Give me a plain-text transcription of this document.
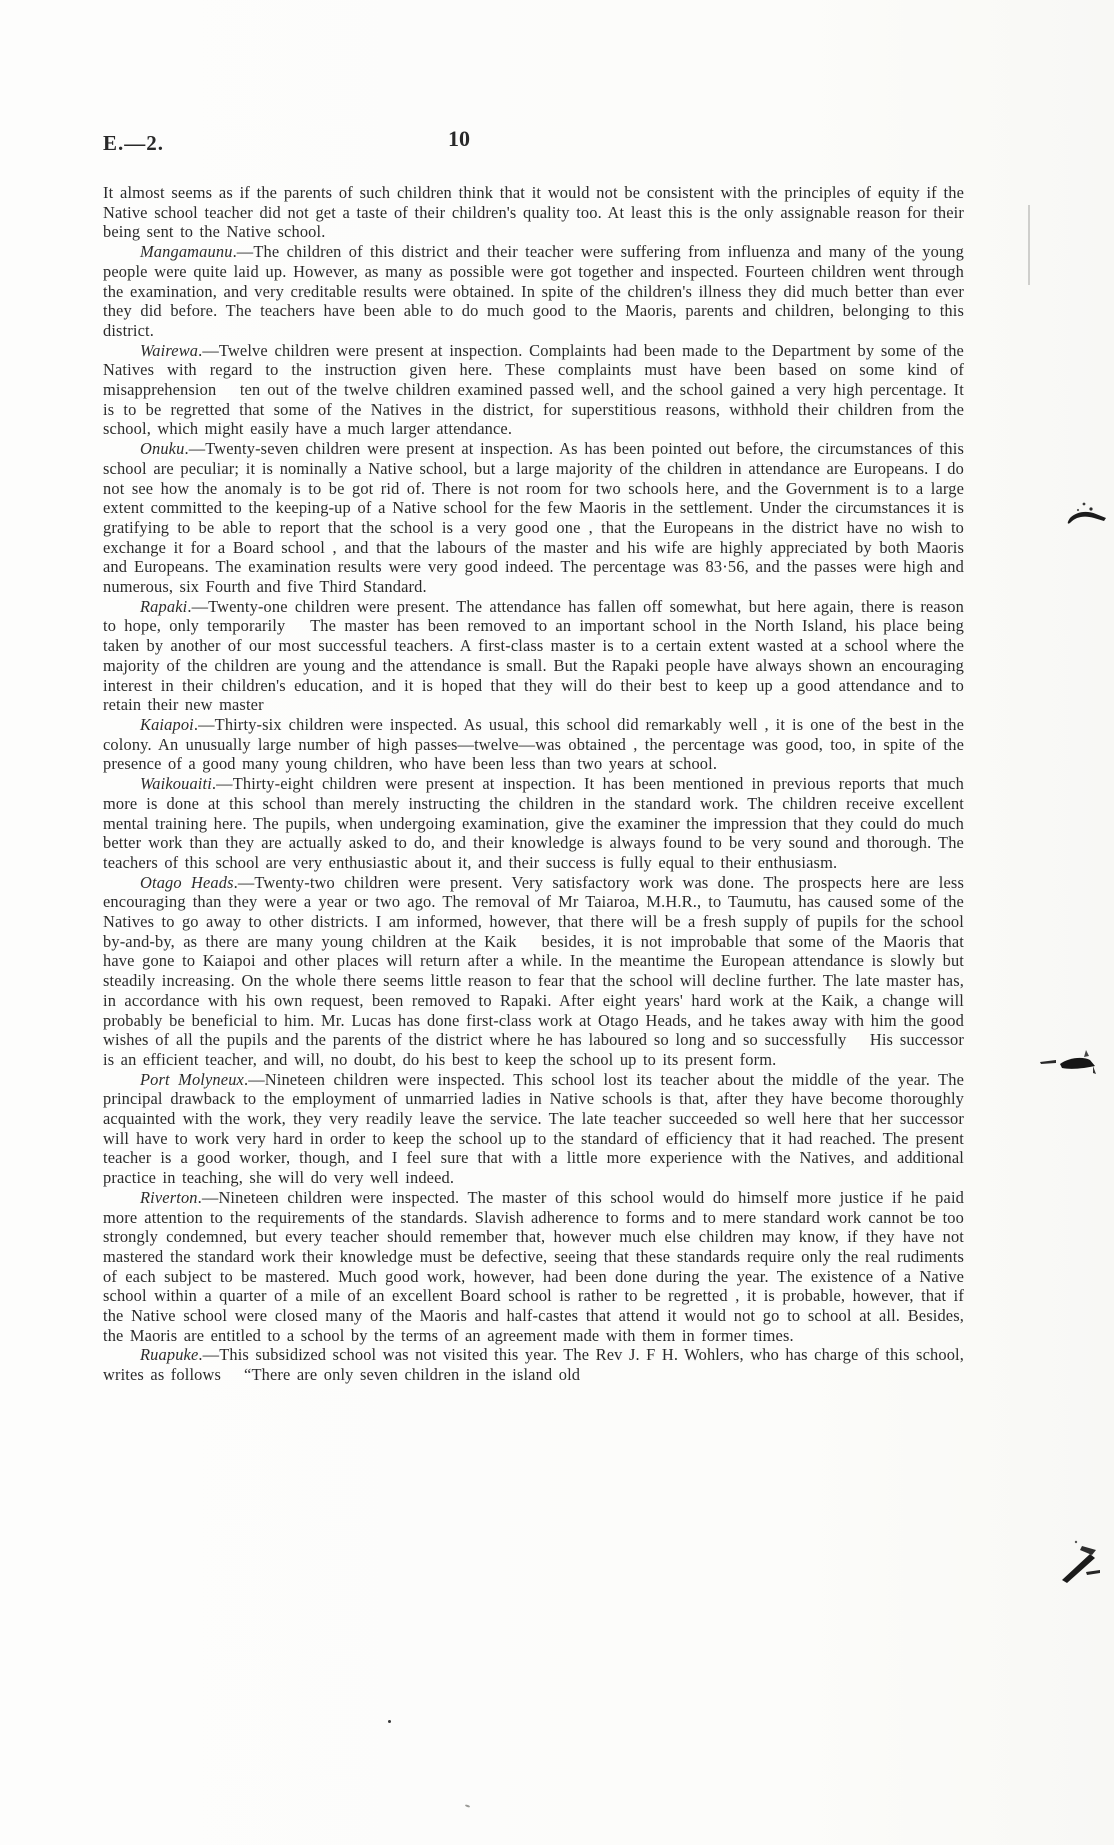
E.—2.	10

It almost seems as if the parents of such children think that it would not be consistent with the principles of equity if the Native school teacher did not get a taste of their children's quality too. At least this is the only assignable reason for their being sent to the Native school.

Mangamaunu.—The children of this district and their teacher were suffering from influenza and many of the young people were quite laid up. However, as many as possible were got together and inspected. Fourteen children went through the examination, and very creditable results were obtained. In spite of the children's illness they did much better than ever they did before. The teachers have been able to do much good to the Maoris, parents and children, belonging to this district.

Wairewa.—Twelve children were present at inspection. Complaints had been made to the Department by some of the Natives with regard to the instruction given here. These complaints must have been based on some kind of misapprehension  ten out of the twelve children examined passed well, and the school gained a very high percentage. It is to be regretted that some of the Natives in the district, for superstitious reasons, withhold their children from the school, which might easily have a much larger attendance.

Onuku.—Twenty-seven children were present at inspection. As has been pointed out before, the circumstances of this school are peculiar; it is nominally a Native school, but a large majority of the children in attendance are Europeans. I do not see how the anomaly is to be got rid of. There is not room for two schools here, and the Government is to a large extent committed to the keeping-up of a Native school for the few Maoris in the settlement. Under the circumstances it is gratifying to be able to report that the school is a very good one , that the Europeans in the district have no wish to exchange it for a Board school , and that the labours of the master and his wife are highly appreciated by both Maoris and Europeans. The examination results were very good indeed. The percentage was 83·56, and the passes were high and numerous, six Fourth and five Third Standard.

Rapaki.—Twenty-one children were present. The attendance has fallen off somewhat, but here again, there is reason to hope, only temporarily  The master has been removed to an important school in the North Island, his place being taken by another of our most successful teachers. A first-class master is to a certain extent wasted at a school where the majority of the children are young and the attendance is small. But the Rapaki people have always shown an encouraging interest in their children's education, and it is hoped that they will do their best to keep up a good attendance and to retain their new master

Kaiapoi.—Thirty-six children were inspected. As usual, this school did remarkably well , it is one of the best in the colony. An unusually large number of high passes—twelve—was obtained , the percentage was good, too, in spite of the presence of a good many young children, who have been less than two years at school.

Waikouaiti.—Thirty-eight children were present at inspection. It has been mentioned in previous reports that much more is done at this school than merely instructing the children in the standard work. The children receive excellent mental training here. The pupils, when undergoing examination, give the examiner the impression that they could do much better work than they are actually asked to do, and their knowledge is always found to be very sound and thorough. The teachers of this school are very enthusiastic about it, and their success is fully equal to their enthusiasm.

Otago Heads.—Twenty-two children were present. Very satisfactory work was done. The prospects here are less encouraging than they were a year or two ago. The removal of Mr Taiaroa, M.H.R., to Taumutu, has caused some of the Natives to go away to other districts. I am informed, however, that there will be a fresh supply of pupils for the school by-and-by, as there are many young children at the Kaik  besides, it is not improbable that some of the Maoris that have gone to Kaiapoi and other places will return after a while. In the meantime the European attendance is slowly but steadily increasing. On the whole there seems little reason to fear that the school will decline further. The late master has, in accordance with his own request, been removed to Rapaki. After eight years' hard work at the Kaik, a change will probably be beneficial to him. Mr. Lucas has done first-class work at Otago Heads, and he takes away with him the good wishes of all the pupils and the parents of the district where he has laboured so long and so successfully  His successor is an efficient teacher, and will, no doubt, do his best to keep the school up to its present form.

Port Molyneux.—Nineteen children were inspected. This school lost its teacher about the middle of the year. The principal drawback to the employment of unmarried ladies in Native schools is that, after they have become thoroughly acquainted with the work, they very readily leave the service. The late teacher succeeded so well here that her successor will have to work very hard in order to keep the school up to the standard of efficiency that it had reached. The present teacher is a good worker, though, and I feel sure that with a little more experience with the Natives, and additional practice in teaching, she will do very well indeed.

Riverton.—Nineteen children were inspected. The master of this school would do himself more justice if he paid more attention to the requirements of the standards. Slavish adherence to forms and to mere standard work cannot be too strongly condemned, but every teacher should remember that, however much else children may know, if they have not mastered the standard work their knowledge must be defective, seeing that these standards require only the real rudiments of each subject to be mastered. Much good work, however, had been done during the year. The existence of a Native school within a quarter of a mile of an excellent Board school is rather to be regretted , it is probable, however, that if the Native school were closed many of the Maoris and half-castes that attend it would not go to school at all. Besides, the Maoris are entitled to a school by the terms of an agreement made with them in former times.

Ruapuke.—This subsidized school was not visited this year. The Rev J. F H. Wohlers, who has charge of this school, writes as follows  “There are only seven children in the island old
